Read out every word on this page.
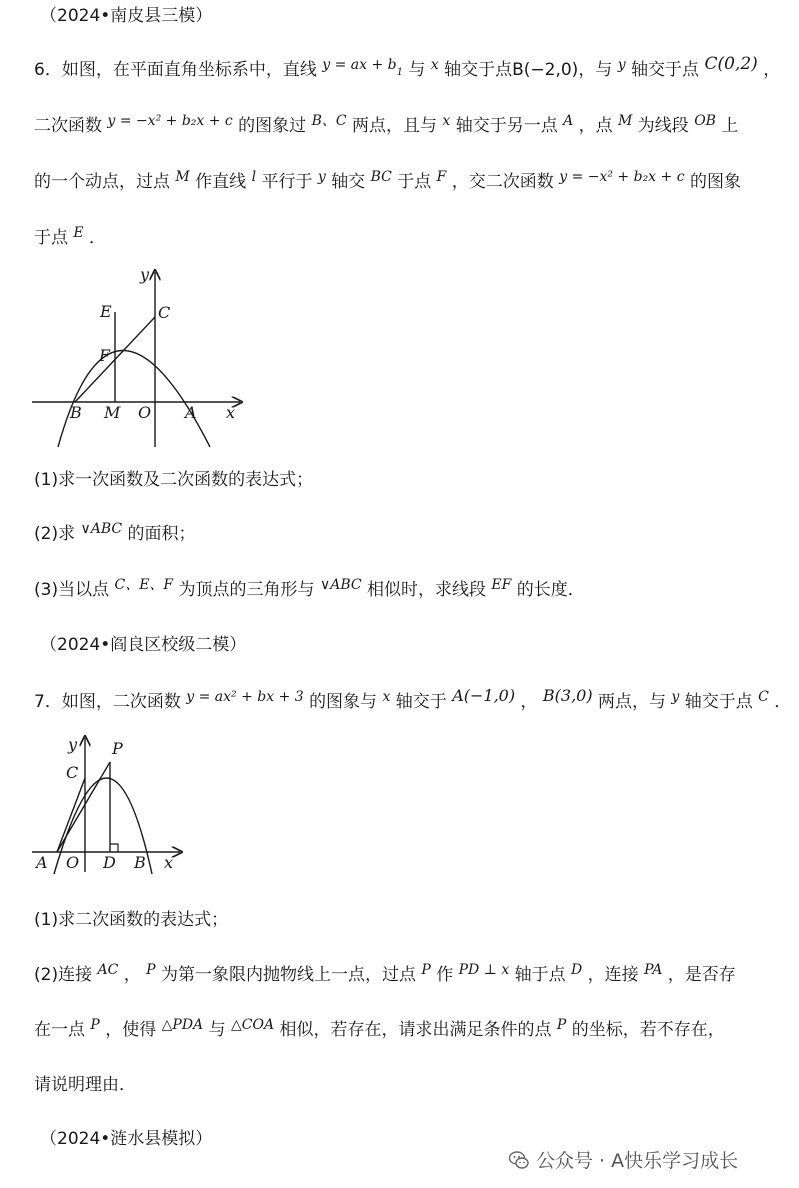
（2024•南皮县三模）
6．如图，在平面直角坐标系中，直线 $^{y = ax + b}$1 与 $^x$ 轴交于点B(−2,0)，与 $^y$ 轴交于点 C(0,2) ，
二次函数 $^{y = -x^2 + b_2x + c}$ 的图象过 $^{B、C}$ 两点，且与 $^x$ 轴交于另一点 $^A$ ，点 $^M$ 为线段 $^{OB}$ 上
的一个动点，过点 $^M$ 作直线 $^l$ 平行于 $^y$ 轴交 $^{BC}$ 于点 $^F$ ，交二次函数 $^{y = -x^2 + b_2x + c}$ 的图象
于点 $^E$ ．
y
E	C
F
B M O A x
(1)求一次函数及二次函数的表达式；
(2)求 $^{\vee ABC}$ 的面积；
(3)当以点 $^{C、E、F}$ 为顶点的三角形与 $^{\vee ABC}$ 相似时，求线段 $^{EF}$ 的长度．
（2024•阎良区校级二模）
7．如图，二次函数 $^{y = ax^2 + bx + 3}$ 的图象与 $^x$ 轴交于 A(−1,0) ， B(3,0) 两点，与 $^y$ 轴交于点 $^C$ ．
y P
C
A O D B x
(1)求二次函数的表达式；
(2)连接 $^{AC}$ ， $^P$ 为第一象限内抛物线上一点，过点 $^P$ 作 $^{PD \perp x}$ 轴于点 $^D$ ，连接 $^{PA}$ ，是否存
在一点 $^P$ ，使得 $^{\triangle PDA}$ 与 $^{\triangle COA}$ 相似，若存在，请求出满足条件的点 $^P$ 的坐标，若不存在，
请说明理由．
（2024•涟水县模拟）
公众号 · A快乐学习成长
